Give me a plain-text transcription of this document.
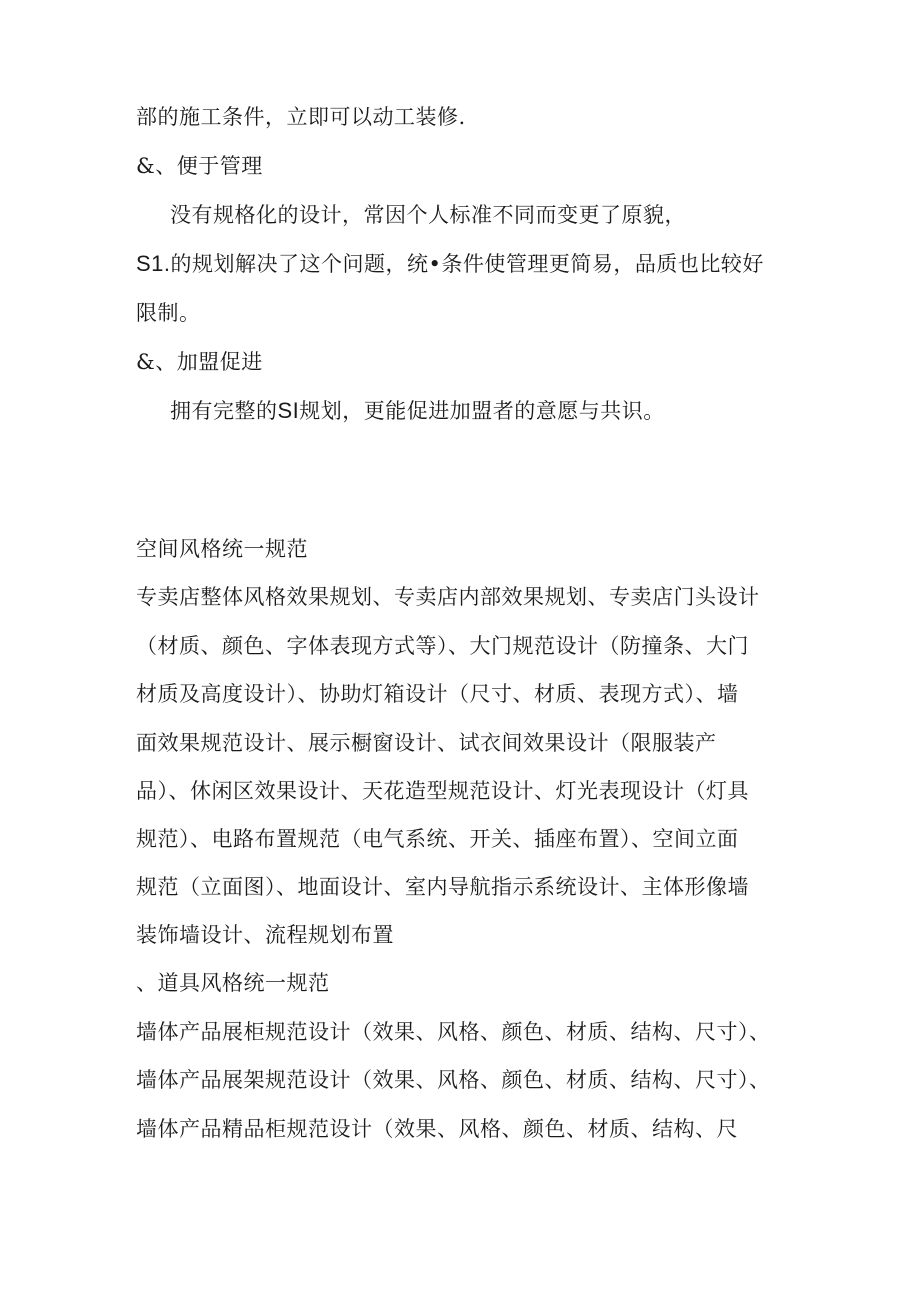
部的施工条件，立即可以动工装修.
&、便于管理
没有规格化的设计，常因个人标准不同而变更了原貌，
S1.的规划解决了这个问题，统•条件使管理更简易，品质也比较好
限制。
&、加盟促进
拥有完整的SI规划，更能促进加盟者的意愿与共识。
空间风格统一规范
专卖店整体风格效果规划、专卖店内部效果规划、专卖店门头设计
（材质、颜色、字体表现方式等）、大门规范设计（防撞条、大门
材质及高度设计）、协助灯箱设计（尺寸、材质、表现方式）、墙
面效果规范设计、展示橱窗设计、试衣间效果设计（限服装产
品）、休闲区效果设计、天花造型规范设计、灯光表现设计（灯具
规范）、电路布置规范（电气系统、开关、插座布置）、空间立面
规范（立面图）、地面设计、室内导航指示系统设计、主体形像墙
装饰墙设计、流程规划布置
、道具风格统一规范
墙体产品展柜规范设计（效果、风格、颜色、材质、结构、尺寸）、
墙体产品展架规范设计（效果、风格、颜色、材质、结构、尺寸）、
墙体产品精品柜规范设计（效果、风格、颜色、材质、结构、尺
